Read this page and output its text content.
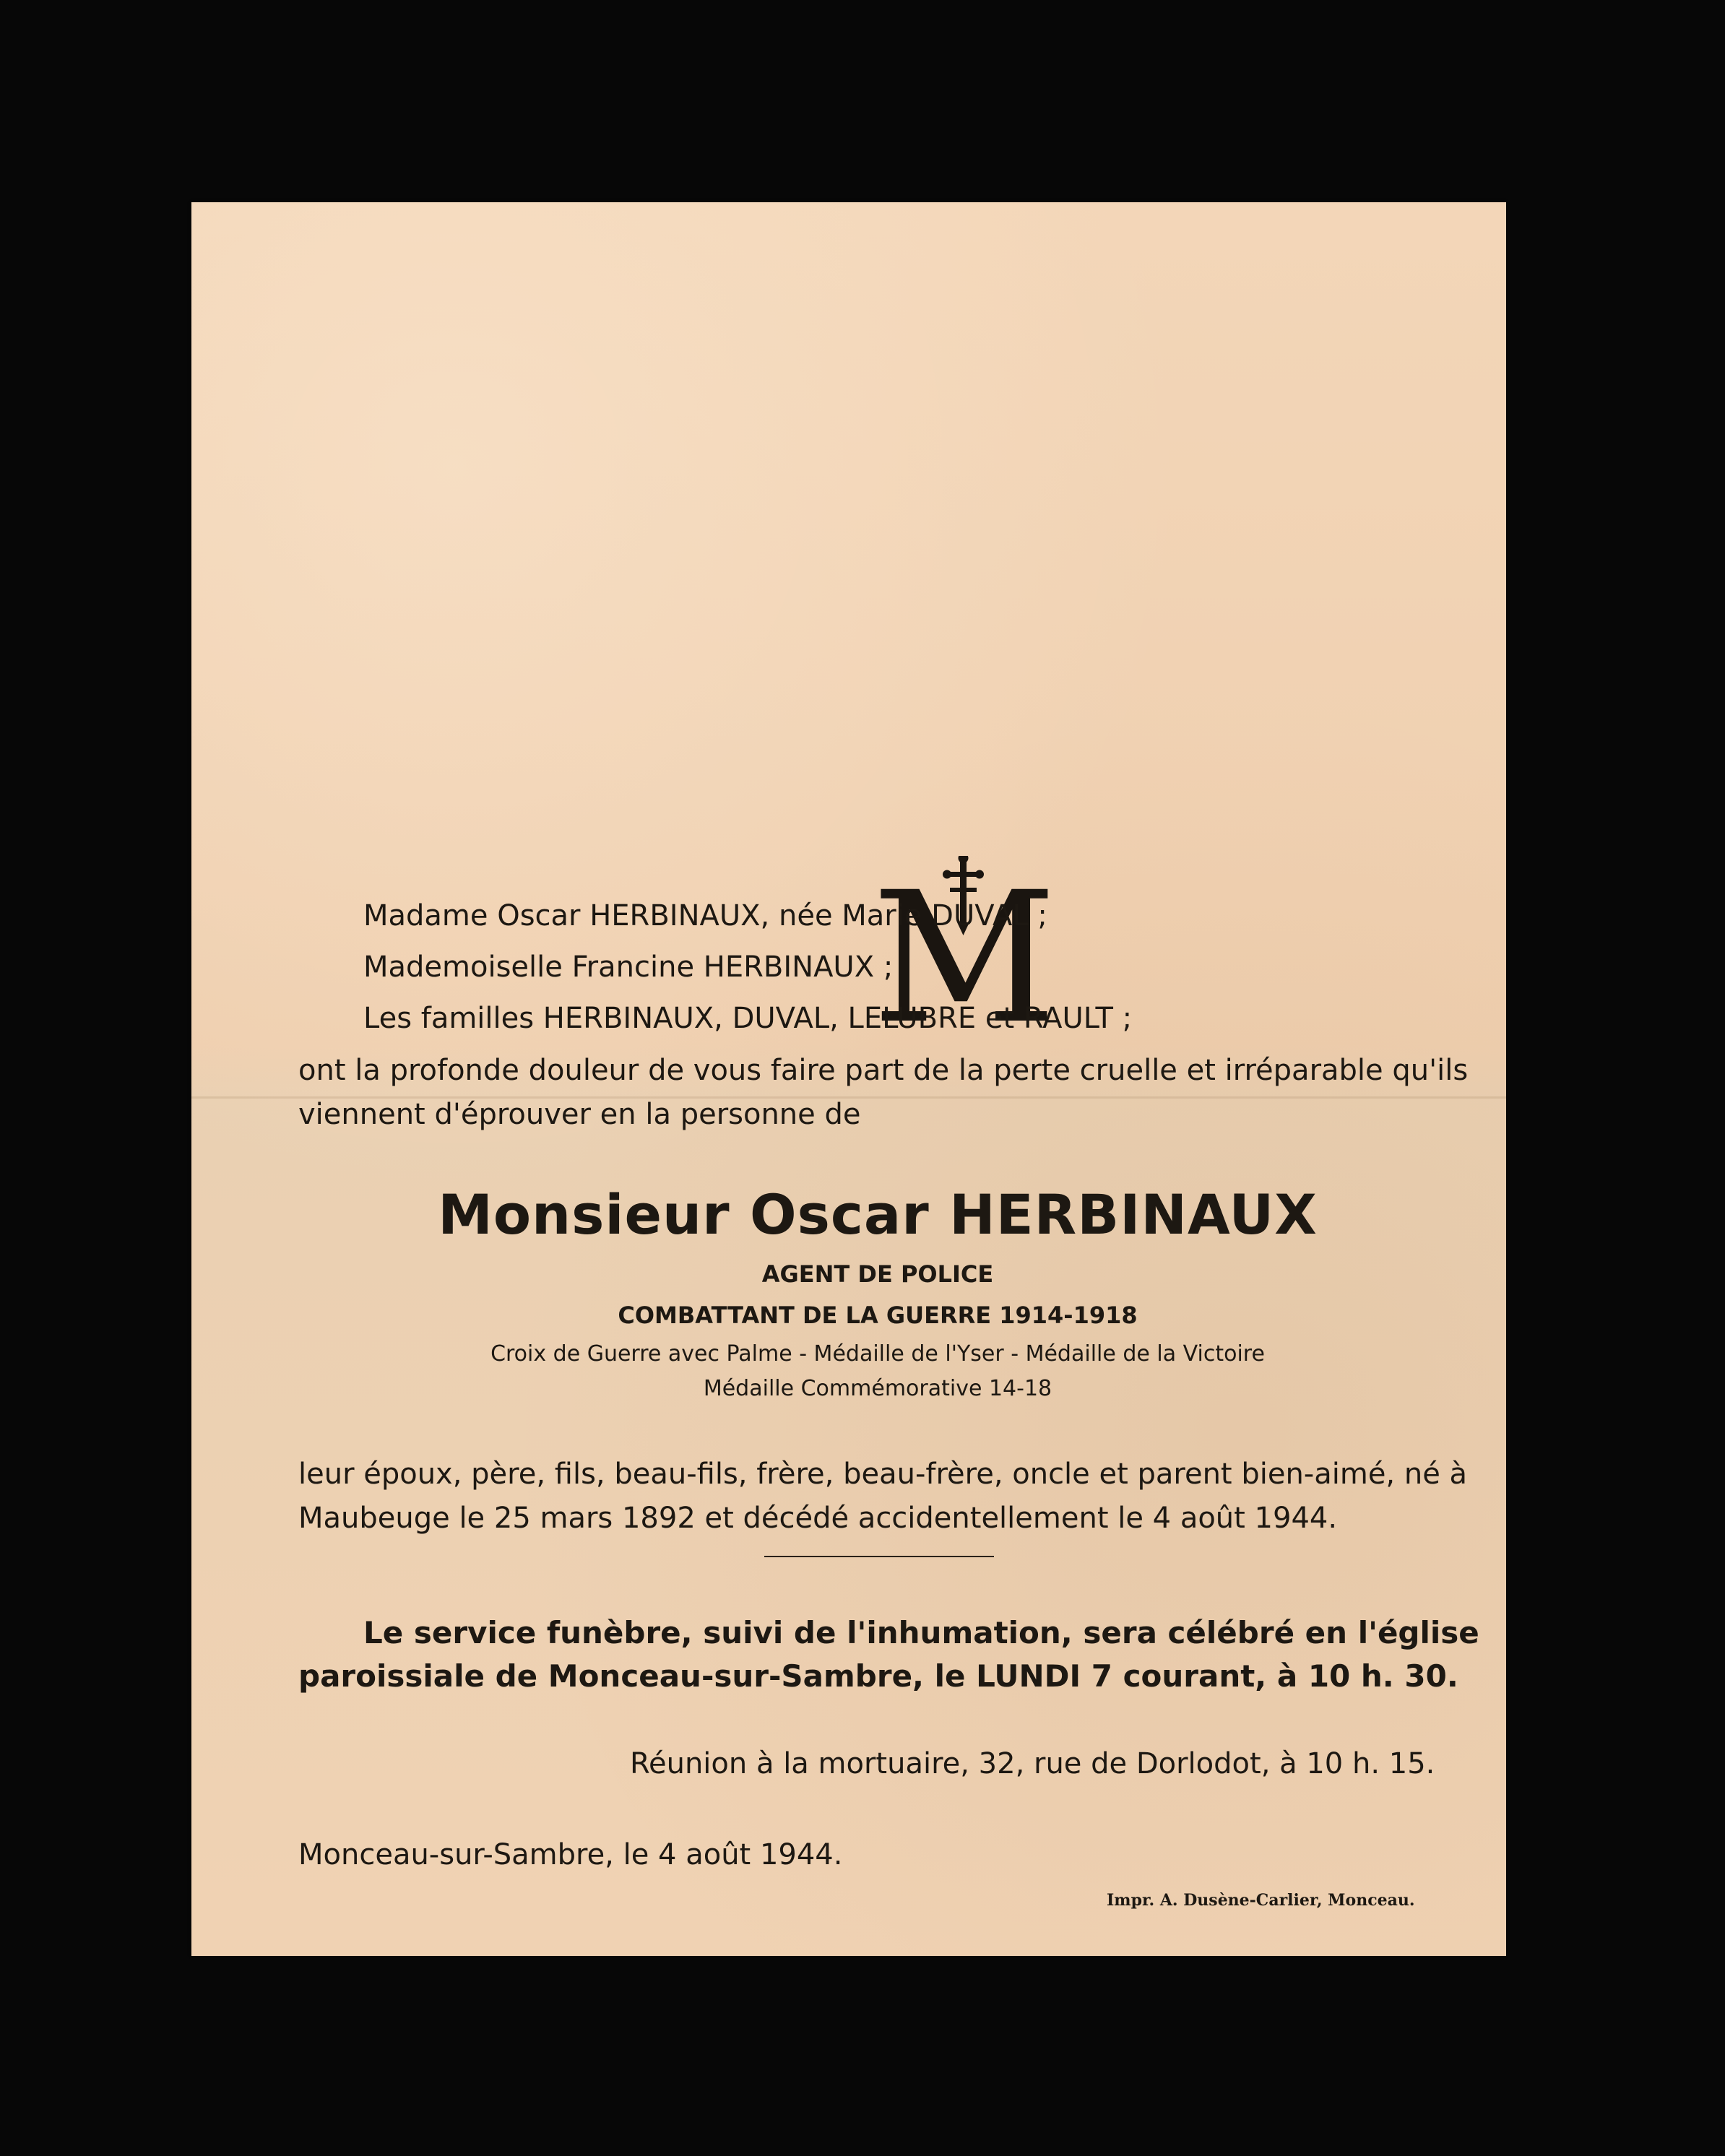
M
Madame Oscar HERBINAUX, née Marie DUVAL ;
Mademoiselle Francine HERBINAUX ;
Les familles HERBINAUX, DUVAL, LELUBRE et RAULT ;
ont la profonde douleur de vous faire part de la perte cruelle et irréparable qu'ils
viennent d'éprouver en la personne de
Monsieur Oscar HERBINAUX
AGENT DE POLICE
COMBATTANT DE LA GUERRE 1914-1918
Croix de Guerre avec Palme - Médaille de l'Yser - Médaille de la Victoire
Médaille Commémorative 14-18
leur époux, père, fils, beau-fils, frère, beau-frère, oncle et parent bien-aimé, né à
Maubeuge le 25 mars 1892 et décédé accidentellement le 4 août 1944.
Le service funèbre, suivi de l'inhumation, sera célébré en l'église
paroissiale de Monceau-sur-Sambre, le LUNDI 7 courant, à 10 h. 30.
Réunion à la mortuaire, 32, rue de Dorlodot, à 10 h. 15.
Monceau-sur-Sambre, le 4 août 1944.
Impr. A. Dusène-Carlier, Monceau.
